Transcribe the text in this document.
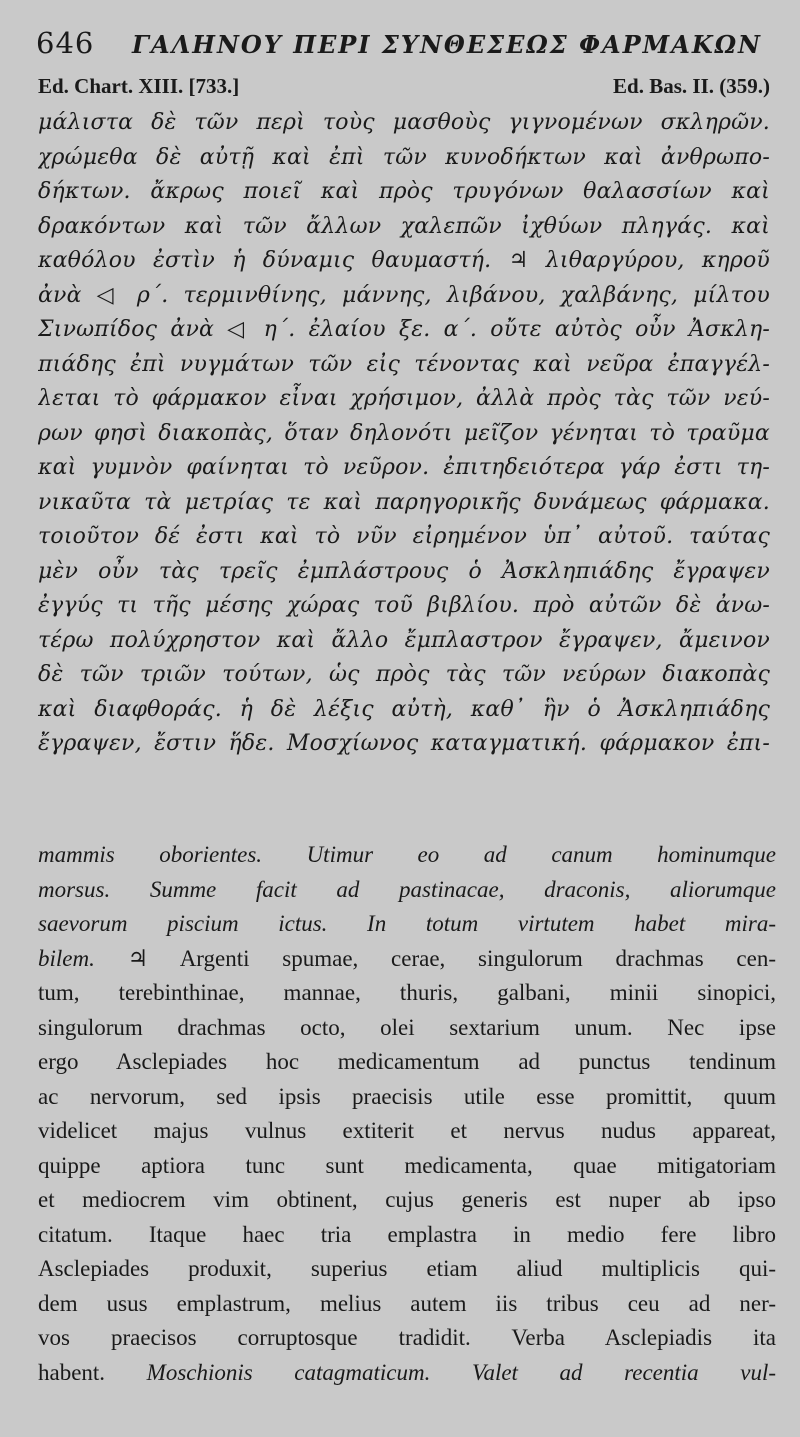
646 ΓΑΛΗΝΟΥ ΠΕΡΙ ΣΥΝΘΕΣΕΩΣ ΦΑΡΜΑΚΩΝ
Ed. Chart. XIII. [733.]	Ed. Bas. II. (359.)
μάλιστα δὲ τῶν περὶ τοὺς μασθοὺς γιγνομένων σκληρῶν.
χρώμεθα δὲ αὐτῇ καὶ ἐπὶ τῶν κυνοδήκτων καὶ ἀνθρωπο-
δήκτων. ἄκρως ποιεῖ καὶ πρὸς τρυγόνων θαλασσίων καὶ
δρακόντων καὶ τῶν ἄλλων χαλεπῶν ἰχθύων πληγάς. καὶ
καθόλου ἐστὶν ἡ δύναμις θαυμαστή. ♃ λιθαργύρου, κηροῦ
ἀνὰ ◁ ρ΄. τερμινθίνης, μάννης, λιβάνου, χαλβάνης, μίλτου
Σινωπίδος ἀνὰ ◁ η΄. ἐλαίου ξε. α΄. οὔτε αὐτὸς οὖν Ἀσκλη-
πιάδης ἐπὶ νυγμάτων τῶν εἰς τένοντας καὶ νεῦρα ἐπαγγέλ-
λεται τὸ φάρμακον εἶναι χρήσιμον, ἀλλὰ πρὸς τὰς τῶν νεύ-
ρων φησὶ διακοπὰς, ὅταν δηλονότι μεῖζον γένηται τὸ τραῦμα
καὶ γυμνὸν φαίνηται τὸ νεῦρον. ἐπιτηδειότερα γάρ ἐστι τη-
νικαῦτα τὰ μετρίας τε καὶ παρηγορικῆς δυνάμεως φάρμακα.
τοιοῦτον δέ ἐστι καὶ τὸ νῦν εἰρημένον ὑπ᾽ αὐτοῦ. ταύτας
μὲν οὖν τὰς τρεῖς ἐμπλάστρους ὁ Ἀσκληπιάδης ἔγραψεν
ἐγγύς τι τῆς μέσης χώρας τοῦ βιβλίου. πρὸ αὐτῶν δὲ ἀνω-
τέρω πολύχρηστον καὶ ἄλλο ἔμπλαστρον ἔγραψεν, ἄμεινον
δὲ τῶν τριῶν τούτων, ὡς πρὸς τὰς τῶν νεύρων διακοπὰς
καὶ διαφθοράς. ἡ δὲ λέξις αὐτὴ, καθ᾽ ἣν ὁ Ἀσκληπιάδης
ἔγραψεν, ἔστιν ἥδε. Μοσχίωνος καταγματική. φάρμακον ἐπι-
mammis oborientes. Utimur eo ad canum hominumque
morsus. Summe facit ad pastinacae, draconis, aliorumque
saevorum piscium ictus. In totum virtutem habet mira-
bilem. ♃ Argenti spumae, cerae, singulorum drachmas cen-
tum, terebinthinae, mannae, thuris, galbani, minii sinopici,
singulorum drachmas octo, olei sextarium unum. Nec ipse
ergo Asclepiades hoc medicamentum ad punctus tendinum
ac nervorum, sed ipsis praecisis utile esse promittit, quum
videlicet majus vulnus extiterit et nervus nudus appareat,
quippe aptiora tunc sunt medicamenta, quae mitigatoriam
et mediocrem vim obtinent, cujus generis est nuper ab ipso
citatum. Itaque haec tria emplastra in medio fere libro
Asclepiades produxit, superius etiam aliud multiplicis qui-
dem usus emplastrum, melius autem iis tribus ceu ad ner-
vos praecisos corruptosque tradidit. Verba Asclepiadis ita
habent. Moschionis catagmaticum. Valet ad recentia vul-
